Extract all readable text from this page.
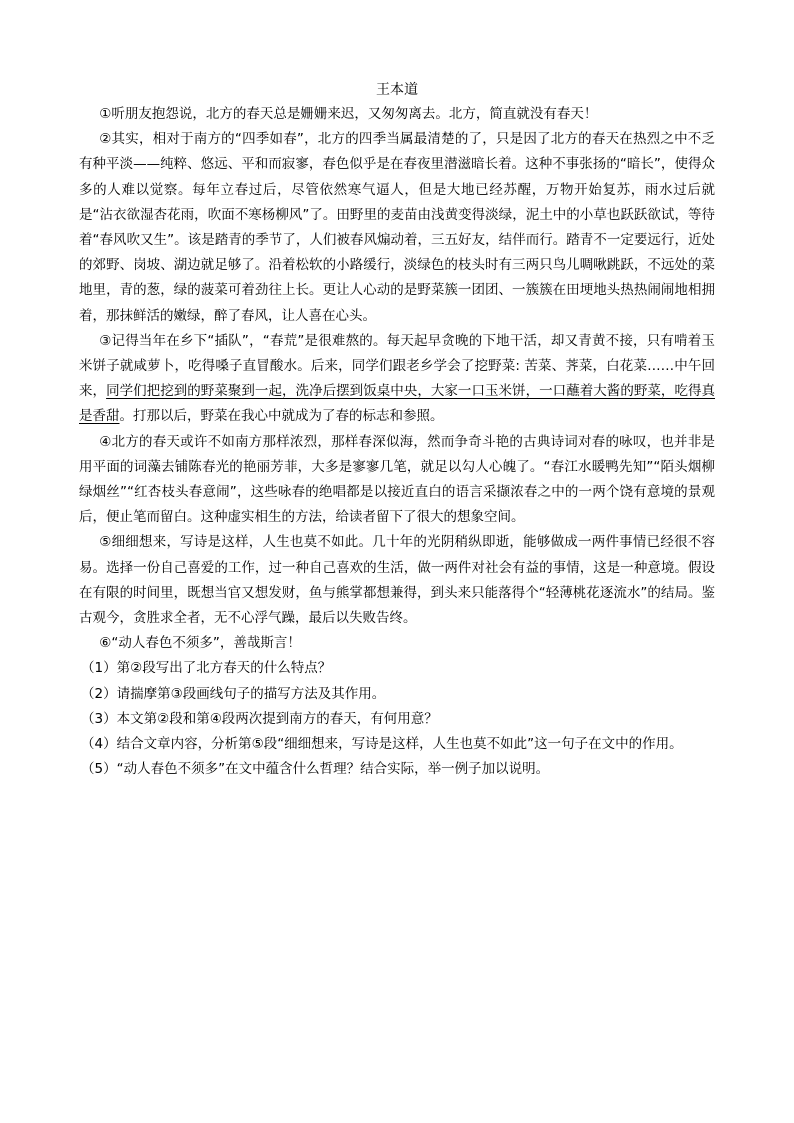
王本道

①听朋友抱怨说，北方的春天总是姗姗来迟，又匆匆离去。北方，简直就没有春天！

②其实，相对于南方的“四季如春”，北方的四季当属最清楚的了，只是因了北方的春天在热烈之中不乏有种平淡——纯粹、悠远、平和而寂寥，春色似乎是在春夜里潜滋暗长着。这种不事张扬的“暗长”，使得众多的人难以觉察。每年立春过后，尽管依然寒气逼人，但是大地已经苏醒，万物开始复苏，雨水过后就是“沾衣欲湿杏花雨，吹面不寒杨柳风”了。田野里的麦苗由浅黄变得淡绿，泥土中的小草也跃跃欲试，等待着“春风吹又生”。该是踏青的季节了，人们被春风煽动着，三五好友，结伴而行。踏青不一定要远行，近处的郊野、岗坡、湖边就足够了。沿着松软的小路缓行，淡绿色的枝头时有三两只鸟儿啁啾跳跃，不远处的菜地里，青的葱，绿的菠菜可着劲往上长。更让人心动的是野菜簇一团团、一簇簇在田埂地头热热闹闹地相拥着，那抹鲜活的嫩绿，醉了春风，让人喜在心头。

③记得当年在乡下“插队”，“春荒”是很难熬的。每天起早贪晚的下地干活，却又青黄不接，只有啃着玉米饼子就咸萝卜，吃得嗓子直冒酸水。后来，同学们跟老乡学会了挖野菜: 苦菜、荠菜，白花菜……中午回来，同学们把挖到的野菜聚到一起，洗净后摆到饭桌中央，大家一口玉米饼，一口蘸着大酱的野菜，吃得真是香甜。打那以后，野菜在我心中就成为了春的标志和参照。

④北方的春天或许不如南方那样浓烈，那样春深似海，然而争奇斗艳的古典诗词对春的咏叹，也并非是用平面的词藻去铺陈春光的艳丽芳菲，大多是寥寥几笔，就足以勾人心魄了。“春江水暖鸭先知”“陌头烟柳绿烟丝”“红杏枝头春意闹”，这些咏春的绝唱都是以接近直白的语言采撷浓春之中的一两个饶有意境的景观后，便止笔而留白。这种虚实相生的方法，给读者留下了很大的想象空间。

⑤细细想来，写诗是这样，人生也莫不如此。几十年的光阴稍纵即逝，能够做成一两件事情已经很不容易。选择一份自己喜爱的工作，过一种自己喜欢的生活，做一两件对社会有益的事情，这是一种意境。假设在有限的时间里，既想当官又想发财，鱼与熊掌都想兼得，到头来只能落得个“轻薄桃花逐流水”的结局。鉴古观今，贪胜求全者，无不心浮气躁，最后以失败告终。

⑥“动人春色不须多”，善哉斯言！

（1）第②段写出了北方春天的什么特点？

（2）请揣摩第③段画线句子的描写方法及其作用。

（3）本文第②段和第④段两次提到南方的春天，有何用意？

（4）结合文章内容，分析第⑤段“细细想来，写诗是这样，人生也莫不如此”这一句子在文中的作用。

（5）“动人春色不须多”在文中蕴含什么哲理？结合实际，举一例子加以说明。
